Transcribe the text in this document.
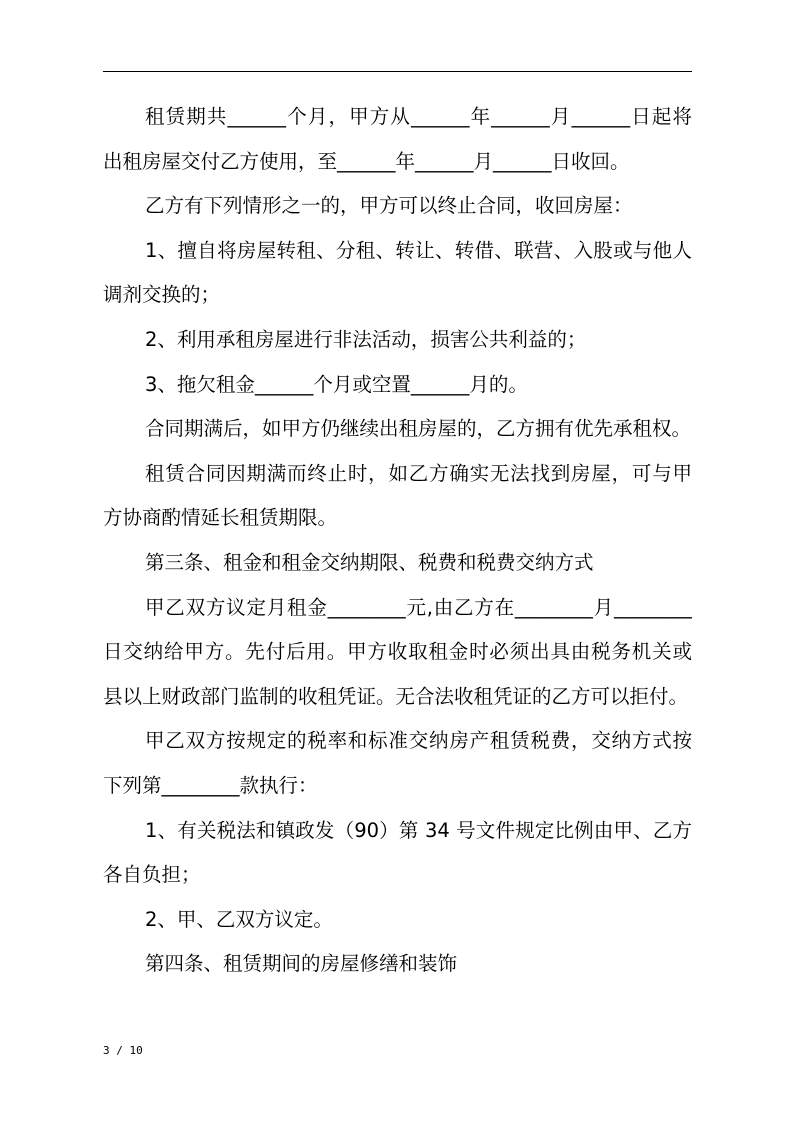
租赁期共______个月，甲方从______年______月______日起将
出租房屋交付乙方使用，至______年______月______日收回。
乙方有下列情形之一的，甲方可以终止合同，收回房屋：
1、擅自将房屋转租、分租、转让、转借、联营、入股或与他人
调剂交换的；
2、利用承租房屋进行非法活动，损害公共利益的；
3、拖欠租金______个月或空置______月的。
合同期满后，如甲方仍继续出租房屋的，乙方拥有优先承租权。
租赁合同因期满而终止时，如乙方确实无法找到房屋，可与甲
方协商酌情延长租赁期限。
第三条、租金和租金交纳期限、税费和税费交纳方式
甲乙双方议定月租金________元,由乙方在________月________
日交纳给甲方。先付后用。甲方收取租金时必须出具由税务机关或
县以上财政部门监制的收租凭证。无合法收租凭证的乙方可以拒付。
甲乙双方按规定的税率和标准交纳房产租赁税费，交纳方式按
下列第________款执行：
1、有关税法和镇政发（90）第 34 号文件规定比例由甲、乙方
各自负担；
2、甲、乙双方议定。
第四条、租赁期间的房屋修缮和装饰
3 / 10
